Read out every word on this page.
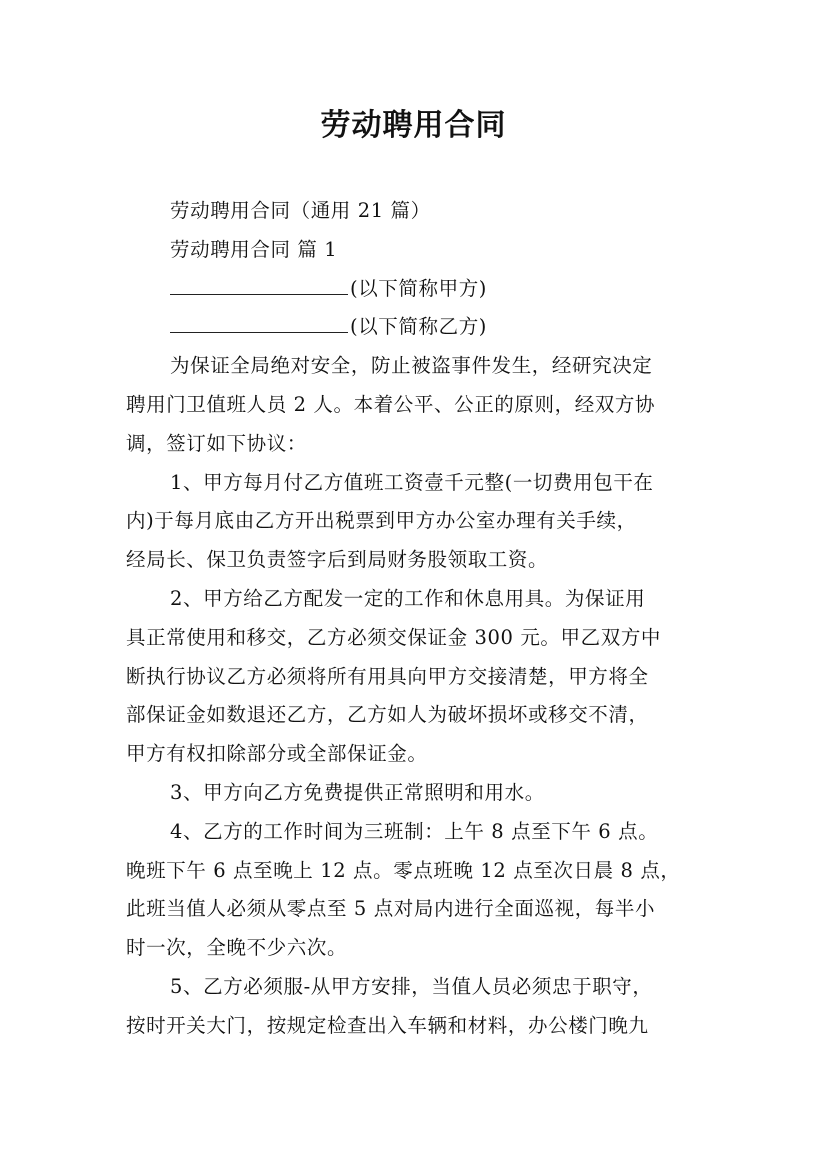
劳动聘用合同
劳动聘用合同（通用 21 篇）
劳动聘用合同 篇 1
(以下简称甲方)
(以下简称乙方)
为保证全局绝对安全，防止被盗事件发生，经研究决定
聘用门卫值班人员 2 人。本着公平、公正的原则，经双方协
调，签订如下协议：
1、甲方每月付乙方值班工资壹千元整(一切费用包干在
内)于每月底由乙方开出税票到甲方办公室办理有关手续，
经局长、保卫负责签字后到局财务股领取工资。
2、甲方给乙方配发一定的工作和休息用具。为保证用
具正常使用和移交，乙方必须交保证金 300 元。甲乙双方中
断执行协议乙方必须将所有用具向甲方交接清楚，甲方将全
部保证金如数退还乙方，乙方如人为破坏损坏或移交不清，
甲方有权扣除部分或全部保证金。
3、甲方向乙方免费提供正常照明和用水。
4、乙方的工作时间为三班制：上午 8 点至下午 6 点。
晚班下午 6 点至晚上 12 点。零点班晚 12 点至次日晨 8 点，
此班当值人必须从零点至 5 点对局内进行全面巡视，每半小
时一次，全晚不少六次。
5、乙方必须服-从甲方安排，当值人员必须忠于职守，
按时开关大门，按规定检查出入车辆和材料，办公楼门晚九
